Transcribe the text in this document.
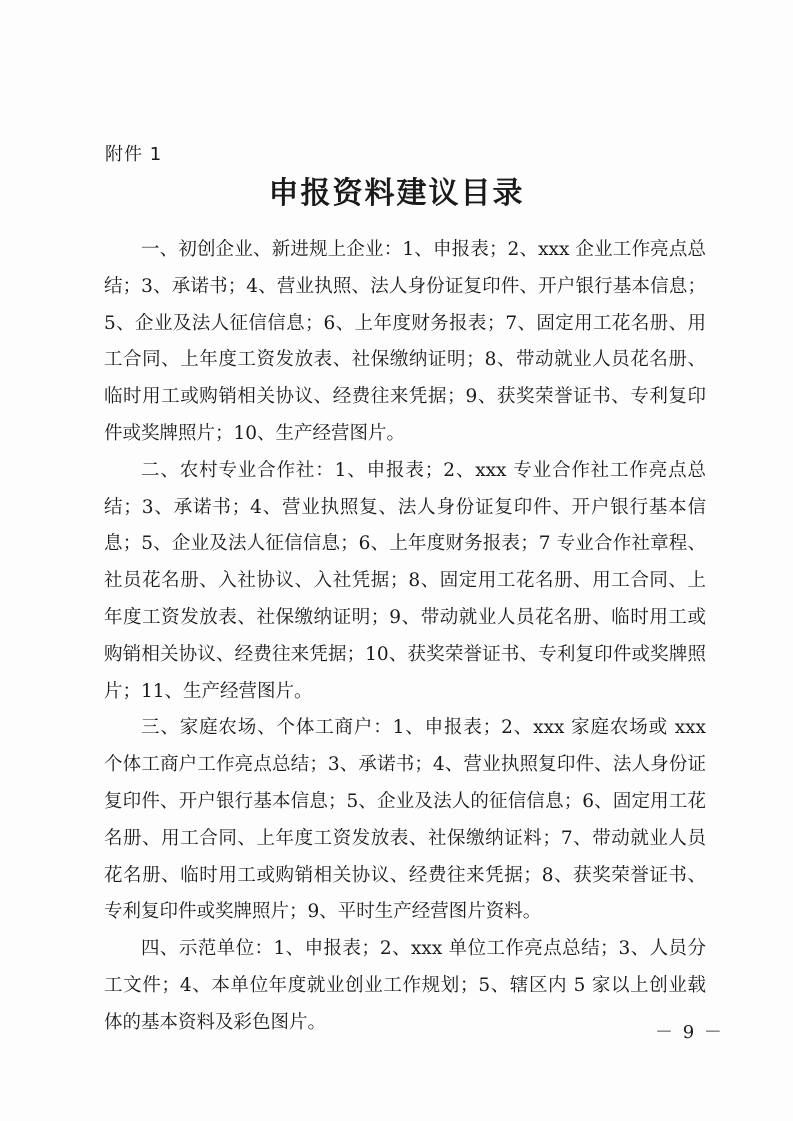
附件 1
申报资料建议目录

一、初创企业、新进规上企业：1、申报表；2、xxx 企业工作亮点总结；3、承诺书；4、营业执照、法人身份证复印件、开户银行基本信息；5、企业及法人征信信息；6、上年度财务报表；7、固定用工花名册、用工合同、上年度工资发放表、社保缴纳证明；8、带动就业人员花名册、临时用工或购销相关协议、经费往来凭据；9、获奖荣誉证书、专利复印件或奖牌照片；10、生产经营图片。

二、农村专业合作社：1、申报表；2、xxx 专业合作社工作亮点总结；3、承诺书；4、营业执照复、法人身份证复印件、开户银行基本信息；5、企业及法人征信信息；6、上年度财务报表；7 专业合作社章程、社员花名册、入社协议、入社凭据；8、固定用工花名册、用工合同、上年度工资发放表、社保缴纳证明；9、带动就业人员花名册、临时用工或购销相关协议、经费往来凭据；10、获奖荣誉证书、专利复印件或奖牌照片；11、生产经营图片。

三、家庭农场、个体工商户：1、申报表；2、xxx 家庭农场或 xxx 个体工商户工作亮点总结；3、承诺书；4、营业执照复印件、法人身份证复印件、开户银行基本信息；5、企业及法人的征信信息；6、固定用工花名册、用工合同、上年度工资发放表、社保缴纳证料；7、带动就业人员花名册、临时用工或购销相关协议、经费往来凭据；8、获奖荣誉证书、专利复印件或奖牌照片；9、平时生产经营图片资料。

四、示范单位：1、申报表；2、xxx 单位工作亮点总结；3、人员分工文件；4、本单位年度就业创业工作规划；5、辖区内 5 家以上创业载体的基本资料及彩色图片。	－ 9 －
